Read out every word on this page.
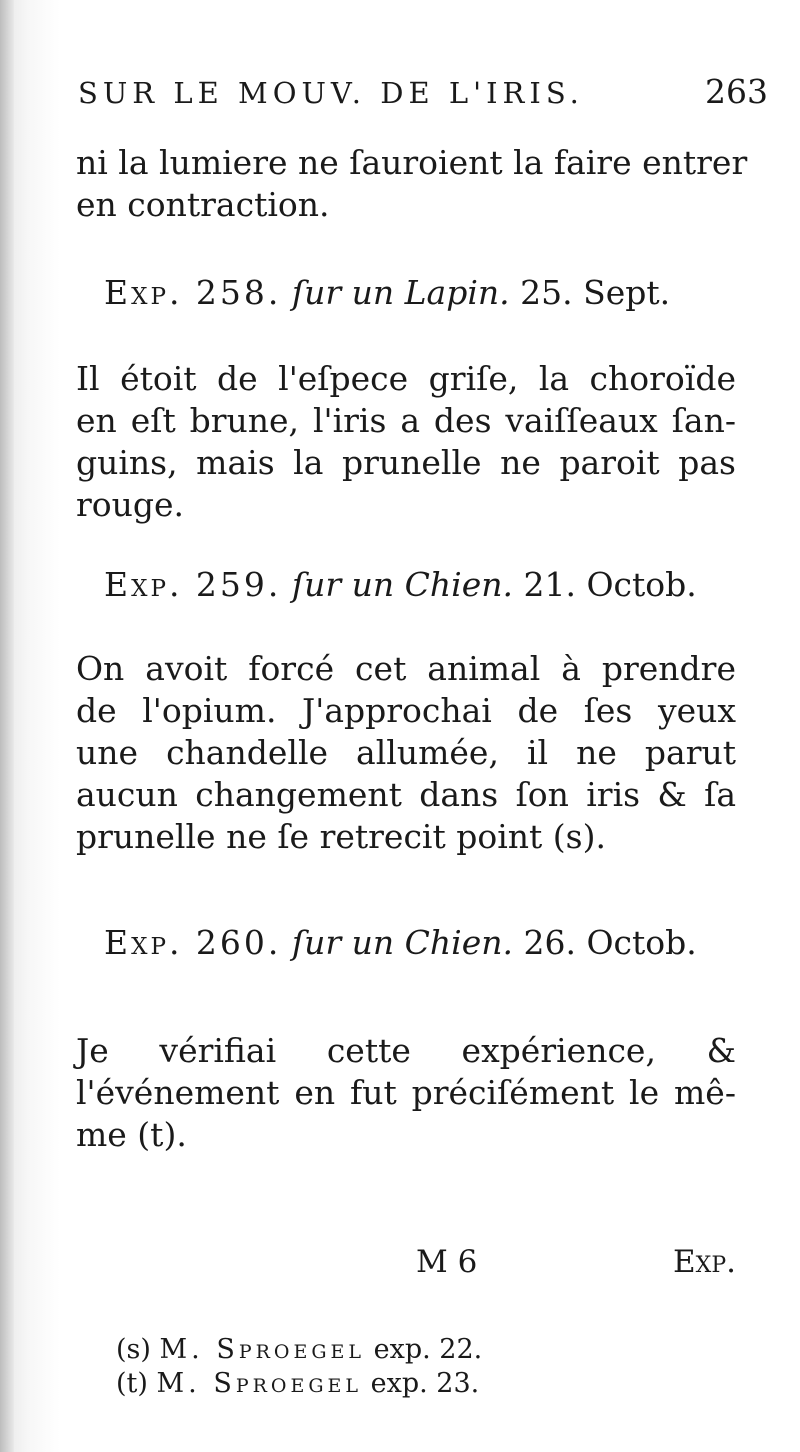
SUR LE MOUV. DE L'IRIS.	263
ni la lumiere ne ſauroient la faire entrer
en contraction.
Exp. 258. ſur un Lapin. 25. Sept.
Il étoit de l'eſpece griſe, la choroïde
en eſt brune, l'iris a des vaiſſeaux ſan-
guins, mais la prunelle ne paroit pas
rouge.
Exp. 259. ſur un Chien. 21. Octob.
On avoit forcé cet animal à prendre
de l'opium. J'approchai de ſes yeux
une chandelle allumée, il ne parut
aucun changement dans ſon iris & ſa
prunelle ne ſe retrecit point (s).
Exp. 260. ſur un Chien. 26. Octob.
Je vérifiai cette expérience, &
l'événement en fut préciſément le mê-
me (t).
M 6	Exp.
(s) M. Sproegel exp. 22.
(t) M. Sproegel exp. 23.
